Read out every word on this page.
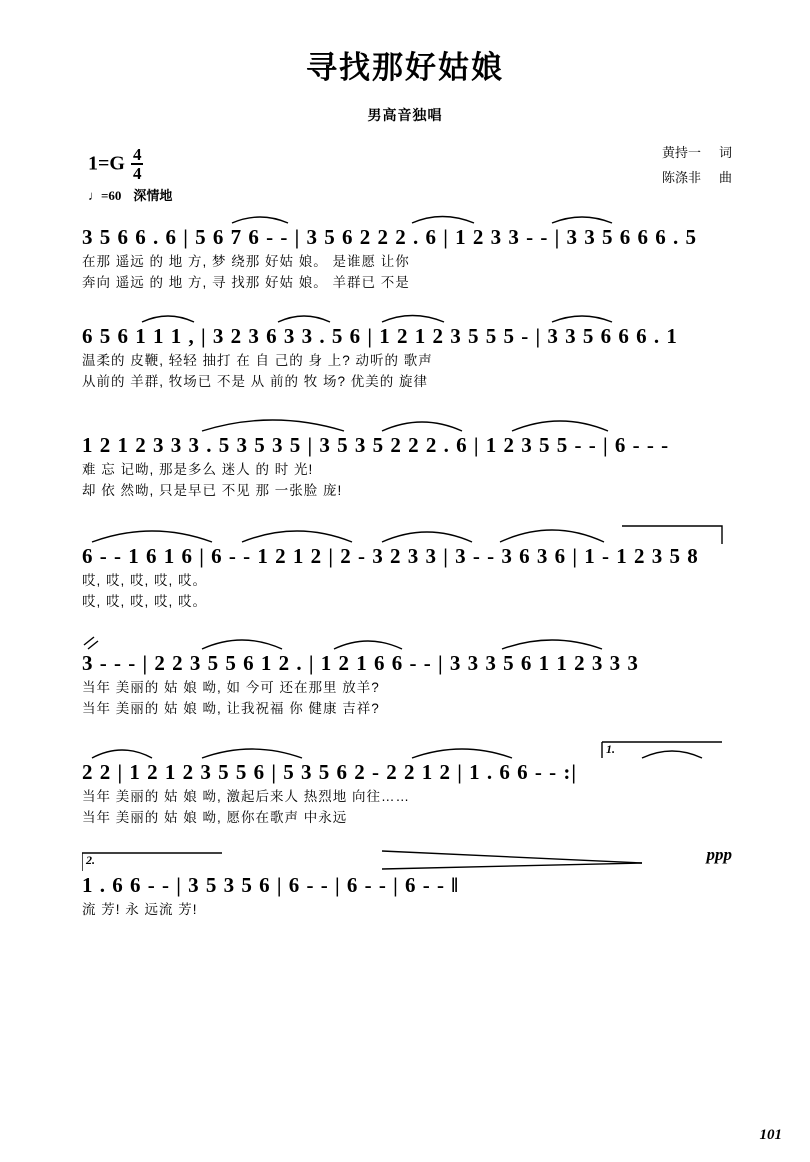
寻找那好姑娘
男高音独唱
$1=G \frac{4}{4}$	黄持一 词
陈涤非 曲
♩=60 深情地
3 5 6 6 . 6 | 5 6 7 6 - - | 3 5 6 2 2 2 . 6 | 1 2 3 3 - - | 3 3 5 6 6 6 . 5
在那 遥远 的 地 方, 梦 绕那 好姑 娘。 是谁愿 让你
奔向 遥远 的 地 方, 寻 找那 好姑 娘。 羊群已 不是
6 5 6 1 1 1 , | 3 2 3 6 3 3 . 5 6 | 1 2 1 2 3 5 5 5 - | 3 3 5 6 6 6 . 1
温柔的 皮鞭, 轻轻 抽打 在 自 己的 身 上? 动听的 歌声
从前的 羊群, 牧场已 不是 从 前的 牧 场? 优美的 旋律
1 2 1 2 3 3 3 . 5 3 5 3 5 | 3 5 3 5 2 2 2 . 6 | 1 2 3 5 5 - - | 6 - - -
难 忘 记呦, 那是多么 迷人 的 时 光!
却 依 然呦, 只是早已 不见 那 一张脸 庞!
6 - - 1 6 1 6 | 6 - - 1 2 1 2 | 2 - 3 2 3 3 | 3 - - 3 6 3 6 | 1 - 1 2 3 5 8
哎, 哎, 哎, 哎, 哎。
哎, 哎, 哎, 哎, 哎。
3 - - - | 2 2 3 5 5 6 1 2 . | 1 2 1 6 6 - - | 3 3 3 5 6 1 1 2 3 3 3
当年 美丽的 姑 娘 呦, 如 今可 还在那里 放羊?
当年 美丽的 姑 娘 呦, 让我祝福 你 健康 吉祥?
1.
2 2 | 1 2 1 2 3 5 5 6 | 5 3 5 6 2 - 2 2 1 2 | 1 . 6 6 - - :|
当年 美丽的 姑 娘 呦, 激起后来人 热烈地 向往……
当年 美丽的 姑 娘 呦, 愿你在歌声 中永远
2.	ppp
1 . 6 6 - - | 3 5 3 5 6 | 6 - - | 6 - - | 6 - - ‖
流 芳! 永 远流 芳!
101
